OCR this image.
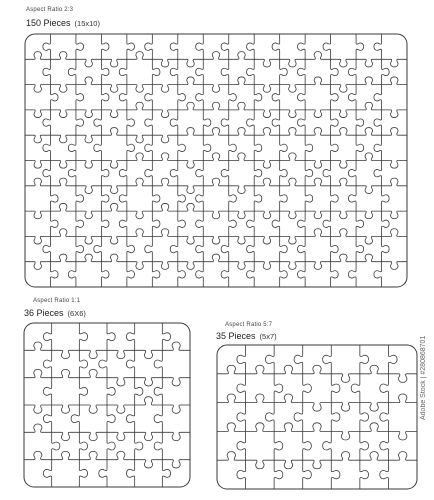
Aspect Ratio 2:3
150 Pieces (15x10)
Aspect Ratio 1:1
36 Pieces (6X6)
Aspect Ratio 5:7
35 Pieces (5x7)	Adobe Stock | #280868701
